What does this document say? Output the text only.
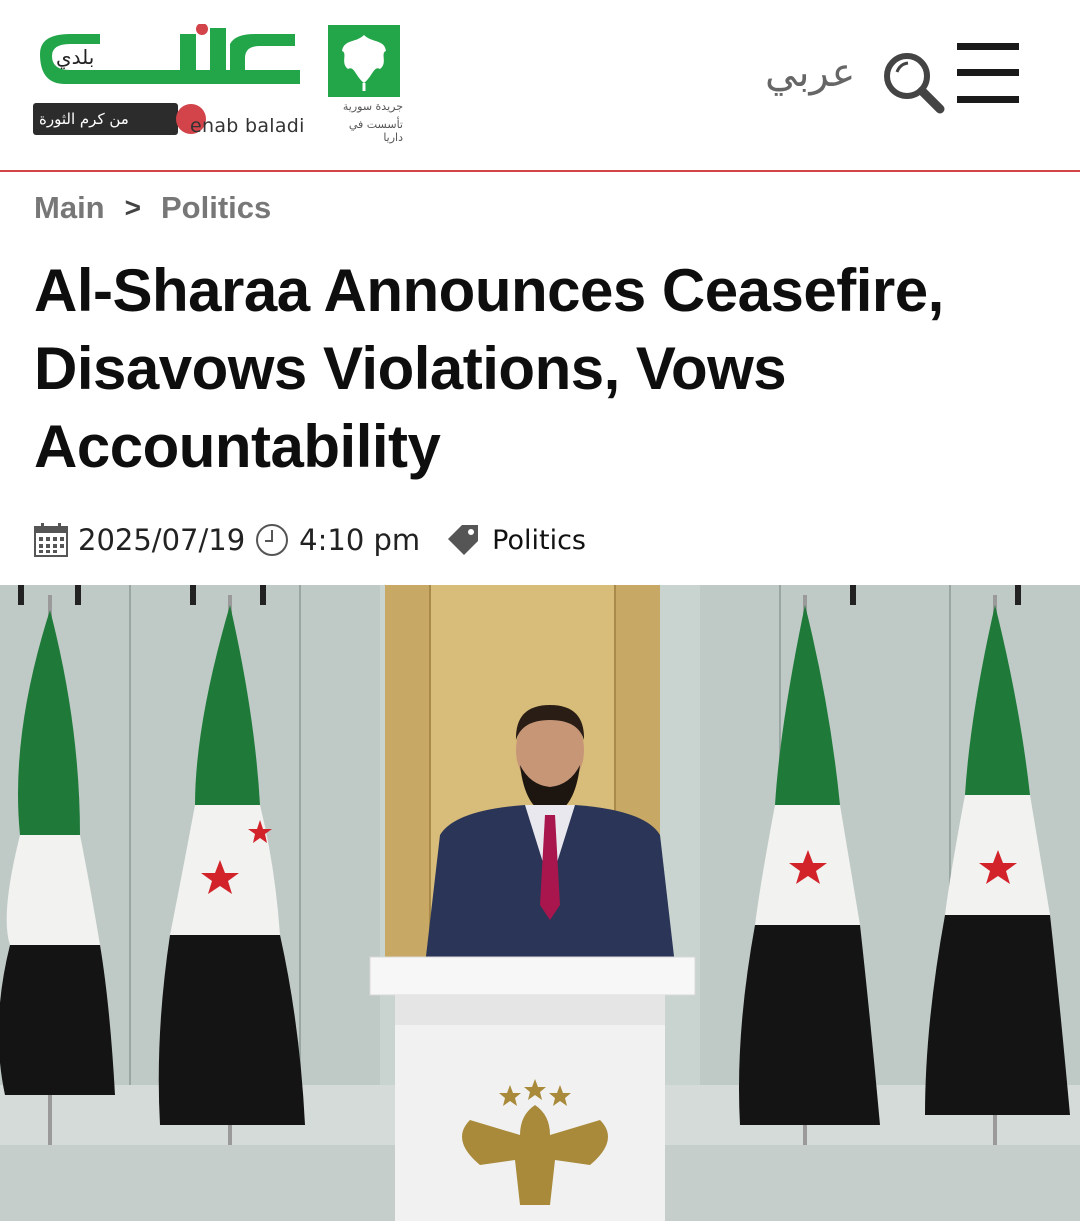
بلدي
من كرم الثورة	enab baladi
جريدة سورية
تأسست في داريا
عربي
Main > Politics
Al-Sharaa Announces Ceasefire, Disavows Violations, Vows Accountability
2025/07/19 4:10 pm	Politics
